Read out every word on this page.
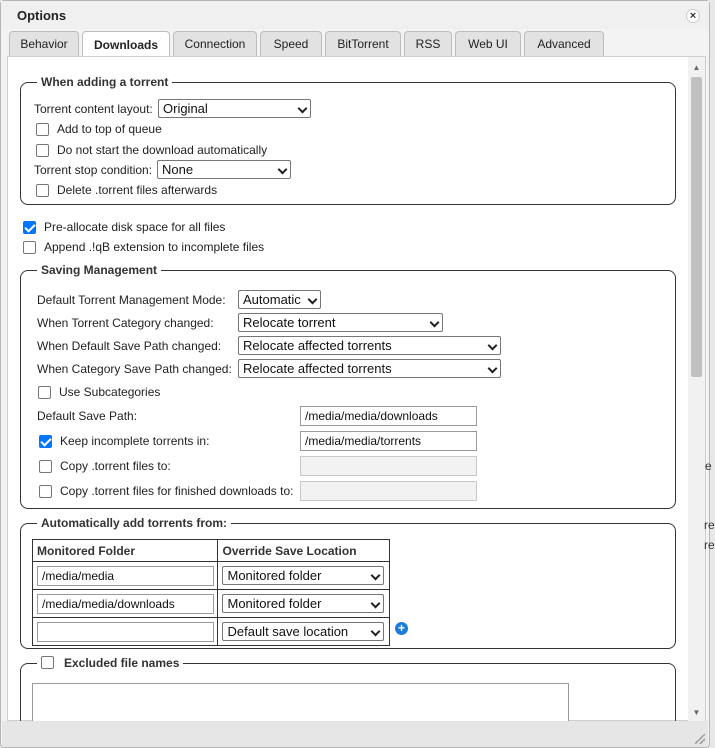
Options	×
Behavior	Downloads	Connection	Speed	BitTorrent	RSS	Web UI	Advanced
When adding a torrent
Torrent content layout: Original
Add to top of queue
Do not start the download automatically
Torrent stop condition: None
Delete .torrent files afterwards
Pre-allocate disk space for all files
Append .!qB extension to incomplete files
Saving Management
Default Torrent Management Mode:	Automatic
When Torrent Category changed:	Relocate torrent
When Default Save Path changed:	Relocate affected torrents
When Category Save Path changed: Relocate affected torrents
Use Subcategories
Default Save Path:	/media/media/downloads
Keep incomplete torrents in:	/media/media/torrents
Copy .torrent files to:
Copy .torrent files for finished downloads to:
Automatically add torrents from:
Monitored Folder	Override Save Location

/media/media	Monitored folder

/media/media/downloads	Monitored folder

	Default save location	+
Excluded file names
▲
▼
re
re
e
